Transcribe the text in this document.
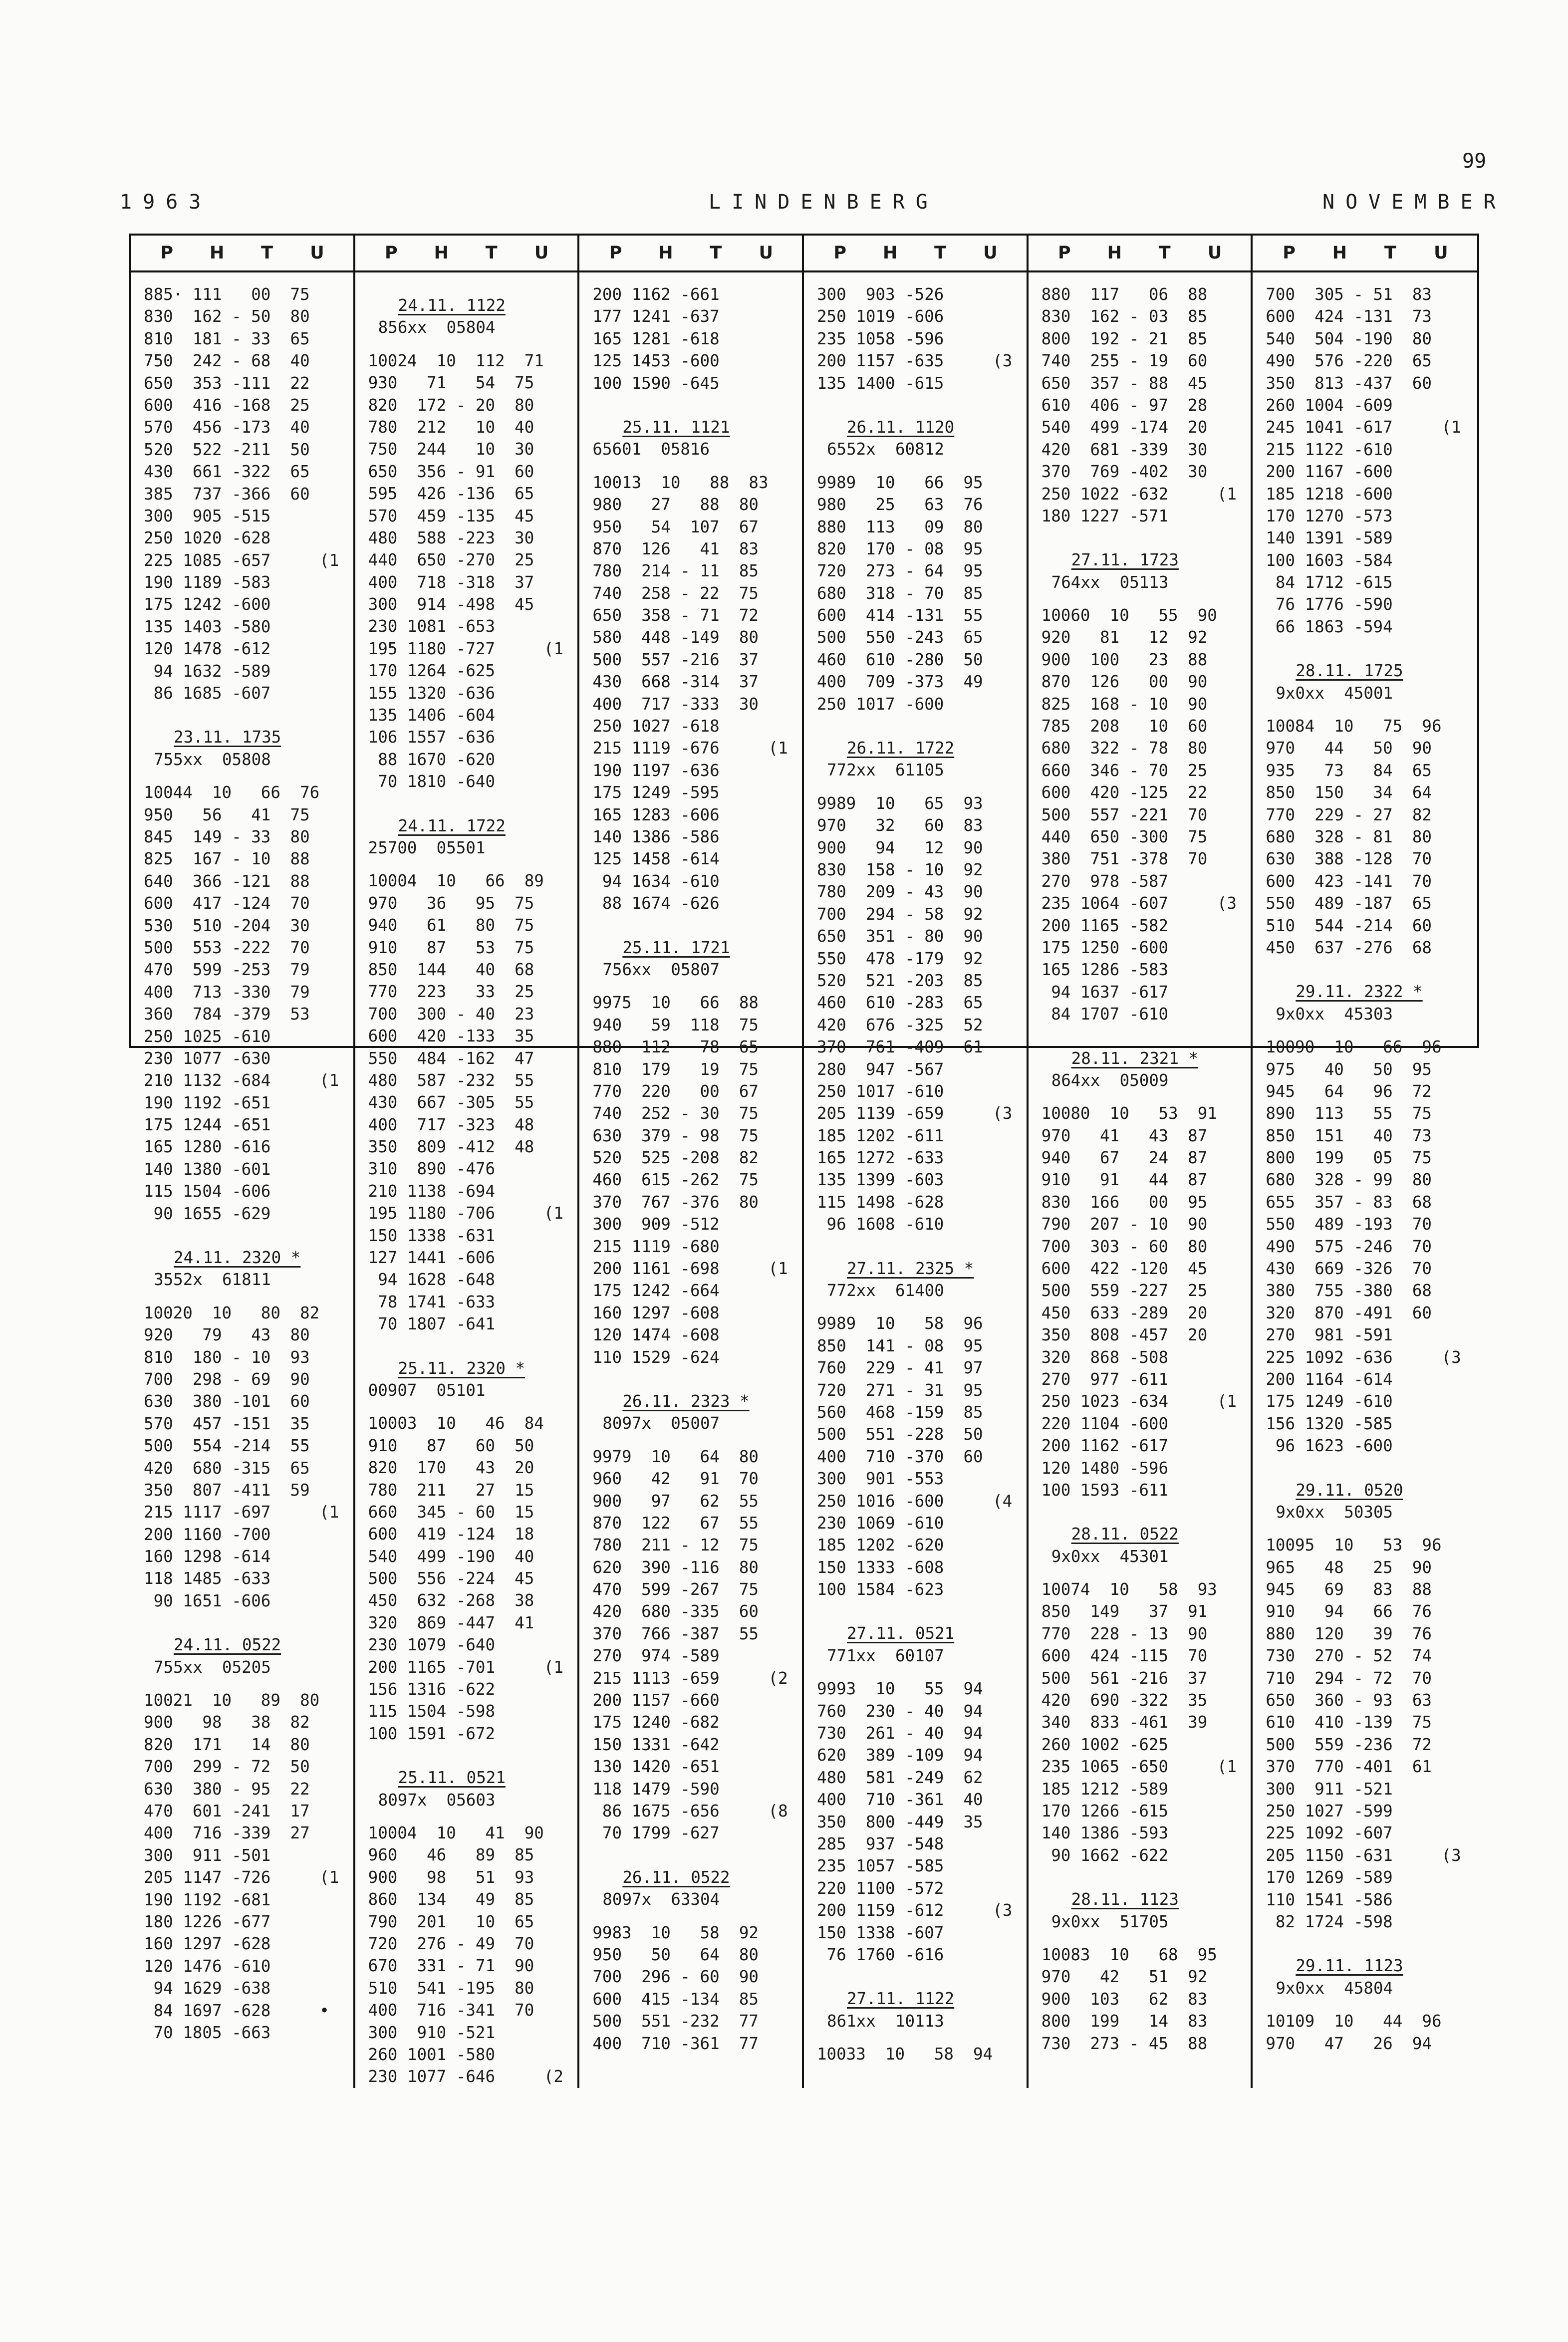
99
1963	LINDENBERG	NOVEMBER
P	H	T	U
885· 111   00  75
830  162 - 50  80
810  181 - 33  65
750  242 - 68  40
650  353 -111  22
600  416 -168  25
570  456 -173  40
520  522 -211  50
430  661 -322  65
385  737 -366  60
300  905 -515
250 1020 -628
225 1085 -657     (1
190 1189 -583
175 1242 -600
135 1403 -580
120 1478 -612
94 1632 -589
86 1685 -607
23.11. 1735
755xx  05808
10044  10   66  76
950   56   41  75
845  149 - 33  80
825  167 - 10  88
640  366 -121  88
600  417 -124  70
530  510 -204  30
500  553 -222  70
470  599 -253  79
400  713 -330  79
360  784 -379  53
250 1025 -610
230 1077 -630
210 1132 -684     (1
190 1192 -651
175 1244 -651
165 1280 -616
140 1380 -601
115 1504 -606
90 1655 -629
24.11. 2320 *
3552x  61811
10020  10   80  82
920   79   43  80
810  180 - 10  93
700  298 - 69  90
630  380 -101  60
570  457 -151  35
500  554 -214  55
420  680 -315  65
350  807 -411  59
215 1117 -697     (1
200 1160 -700
160 1298 -614
118 1485 -633
90 1651 -606
24.11. 0522
755xx  05205
10021  10   89  80
900   98   38  82
820  171   14  80
700  299 - 72  50
630  380 - 95  22
470  601 -241  17
400  716 -339  27
300  911 -501
205 1147 -726     (1
190 1192 -681
180 1226 -677
160 1297 -628
120 1476 -610
94 1629 -638
84 1697 -628     •
70 1805 -663
P	H	T	U
24.11. 1122
856xx  05804
10024  10  112  71
930   71   54  75
820  172 - 20  80
780  212   10  40
750  244   10  30
650  356 - 91  60
595  426 -136  65
570  459 -135  45
480  588 -223  30
440  650 -270  25
400  718 -318  37
300  914 -498  45
230 1081 -653
195 1180 -727     (1
170 1264 -625
155 1320 -636
135 1406 -604
106 1557 -636
88 1670 -620
70 1810 -640
24.11. 1722
25700  05501
10004  10   66  89
970   36   95  75
940   61   80  75
910   87   53  75
850  144   40  68
770  223   33  25
700  300 - 40  23
600  420 -133  35
550  484 -162  47
480  587 -232  55
430  667 -305  55
400  717 -323  48
350  809 -412  48
310  890 -476
210 1138 -694
195 1180 -706     (1
150 1338 -631
127 1441 -606
94 1628 -648
78 1741 -633
70 1807 -641
25.11. 2320 *
00907  05101
10003  10   46  84
910   87   60  50
820  170   43  20
780  211   27  15
660  345 - 60  15
600  419 -124  18
540  499 -190  40
500  556 -224  45
450  632 -268  38
320  869 -447  41
230 1079 -640
200 1165 -701     (1
156 1316 -622
115 1504 -598
100 1591 -672
25.11. 0521
8097x  05603
10004  10   41  90
960   46   89  85
900   98   51  93
860  134   49  85
790  201   10  65
720  276 - 49  70
670  331 - 71  90
510  541 -195  80
400  716 -341  70
300  910 -521
260 1001 -580
230 1077 -646     (2
P	H	T	U
200 1162 -661
177 1241 -637
165 1281 -618
125 1453 -600
100 1590 -645
25.11. 1121
65601  05816
10013  10   88  83
980   27   88  80
950   54  107  67
870  126   41  83
780  214 - 11  85
740  258 - 22  75
650  358 - 71  72
580  448 -149  80
500  557 -216  37
430  668 -314  37
400  717 -333  30
250 1027 -618
215 1119 -676     (1
190 1197 -636
175 1249 -595
165 1283 -606
140 1386 -586
125 1458 -614
94 1634 -610
88 1674 -626
25.11. 1721
756xx  05807
9975  10   66  88
940   59  118  75
880  112   78  65
810  179   19  75
770  220   00  67
740  252 - 30  75
630  379 - 98  75
520  525 -208  82
460  615 -262  75
370  767 -376  80
300  909 -512
215 1119 -680
200 1161 -698     (1
175 1242 -664
160 1297 -608
120 1474 -608
110 1529 -624
26.11. 2323 *
8097x  05007
9979  10   64  80
960   42   91  70
900   97   62  55
870  122   67  55
780  211 - 12  75
620  390 -116  80
470  599 -267  75
420  680 -335  60
370  766 -387  55
270  974 -589
215 1113 -659     (2
200 1157 -660
175 1240 -682
150 1331 -642
130 1420 -651
118 1479 -590
86 1675 -656     (8
70 1799 -627
26.11. 0522
8097x  63304
9983  10   58  92
950   50   64  80
700  296 - 60  90
600  415 -134  85
500  551 -232  77
400  710 -361  77
P	H	T	U
300  903 -526
250 1019 -606
235 1058 -596
200 1157 -635     (3
135 1400 -615
26.11. 1120
6552x  60812
9989  10   66  95
980   25   63  76
880  113   09  80
820  170 - 08  95
720  273 - 64  95
680  318 - 70  85
600  414 -131  55
500  550 -243  65
460  610 -280  50
400  709 -373  49
250 1017 -600
26.11. 1722
772xx  61105
9989  10   65  93
970   32   60  83
900   94   12  90
830  158 - 10  92
780  209 - 43  90
700  294 - 58  92
650  351 - 80  90
550  478 -179  92
520  521 -203  85
460  610 -283  65
420  676 -325  52
370  761 -409  61
280  947 -567
250 1017 -610
205 1139 -659     (3
185 1202 -611
165 1272 -633
135 1399 -603
115 1498 -628
96 1608 -610
27.11. 2325 *
772xx  61400
9989  10   58  96
850  141 - 08  95
760  229 - 41  97
720  271 - 31  95
560  468 -159  85
500  551 -228  50
400  710 -370  60
300  901 -553
250 1016 -600     (4
230 1069 -610
185 1202 -620
150 1333 -608
100 1584 -623
27.11. 0521
771xx  60107
9993  10   55  94
760  230 - 40  94
730  261 - 40  94
620  389 -109  94
480  581 -249  62
400  710 -361  40
350  800 -449  35
285  937 -548
235 1057 -585
220 1100 -572
200 1159 -612     (3
150 1338 -607
76 1760 -616
27.11. 1122
861xx  10113
10033  10   58  94
P	H	T	U
880  117   06  88
830  162 - 03  85
800  192 - 21  85
740  255 - 19  60
650  357 - 88  45
610  406 - 97  28
540  499 -174  20
420  681 -339  30
370  769 -402  30
250 1022 -632     (1
180 1227 -571
27.11. 1723
764xx  05113
10060  10   55  90
920   81   12  92
900  100   23  88
870  126   00  90
825  168 - 10  90
785  208   10  60
680  322 - 78  80
660  346 - 70  25
600  420 -125  22
500  557 -221  70
440  650 -300  75
380  751 -378  70
270  978 -587
235 1064 -607     (3
200 1165 -582
175 1250 -600
165 1286 -583
94 1637 -617
84 1707 -610
28.11. 2321 *
864xx  05009
10080  10   53  91
970   41   43  87
940   67   24  87
910   91   44  87
830  166   00  95
790  207 - 10  90
700  303 - 60  80
600  422 -120  45
500  559 -227  25
450  633 -289  20
350  808 -457  20
320  868 -508
270  977 -611
250 1023 -634     (1
220 1104 -600
200 1162 -617
120 1480 -596
100 1593 -611
28.11. 0522
9x0xx  45301
10074  10   58  93
850  149   37  91
770  228 - 13  90
600  424 -115  70
500  561 -216  37
420  690 -322  35
340  833 -461  39
260 1002 -625
235 1065 -650     (1
185 1212 -589
170 1266 -615
140 1386 -593
90 1662 -622
28.11. 1123
9x0xx  51705
10083  10   68  95
970   42   51  92
900  103   62  83
800  199   14  83
730  273 - 45  88
P	H	T	U
700  305 - 51  83
600  424 -131  73
540  504 -190  80
490  576 -220  65
350  813 -437  60
260 1004 -609
245 1041 -617     (1
215 1122 -610
200 1167 -600
185 1218 -600
170 1270 -573
140 1391 -589
100 1603 -584
84 1712 -615
76 1776 -590
66 1863 -594
28.11. 1725
9x0xx  45001
10084  10   75  96
970   44   50  90
935   73   84  65
850  150   34  64
770  229 - 27  82
680  328 - 81  80
630  388 -128  70
600  423 -141  70
550  489 -187  65
510  544 -214  60
450  637 -276  68
29.11. 2322 *
9x0xx  45303
10090  10   66  96
975   40   50  95
945   64   96  72
890  113   55  75
850  151   40  73
800  199   05  75
680  328 - 99  80
655  357 - 83  68
550  489 -193  70
490  575 -246  70
430  669 -326  70
380  755 -380  68
320  870 -491  60
270  981 -591
225 1092 -636     (3
200 1164 -614
175 1249 -610
156 1320 -585
96 1623 -600
29.11. 0520
9x0xx  50305
10095  10   53  96
965   48   25  90
945   69   83  88
910   94   66  76
880  120   39  76
730  270 - 52  74
710  294 - 72  70
650  360 - 93  63
610  410 -139  75
500  559 -236  72
370  770 -401  61
300  911 -521
250 1027 -599
225 1092 -607
205 1150 -631     (3
170 1269 -589
110 1541 -586
82 1724 -598
29.11. 1123
9x0xx  45804
10109  10   44  96
970   47   26  94
